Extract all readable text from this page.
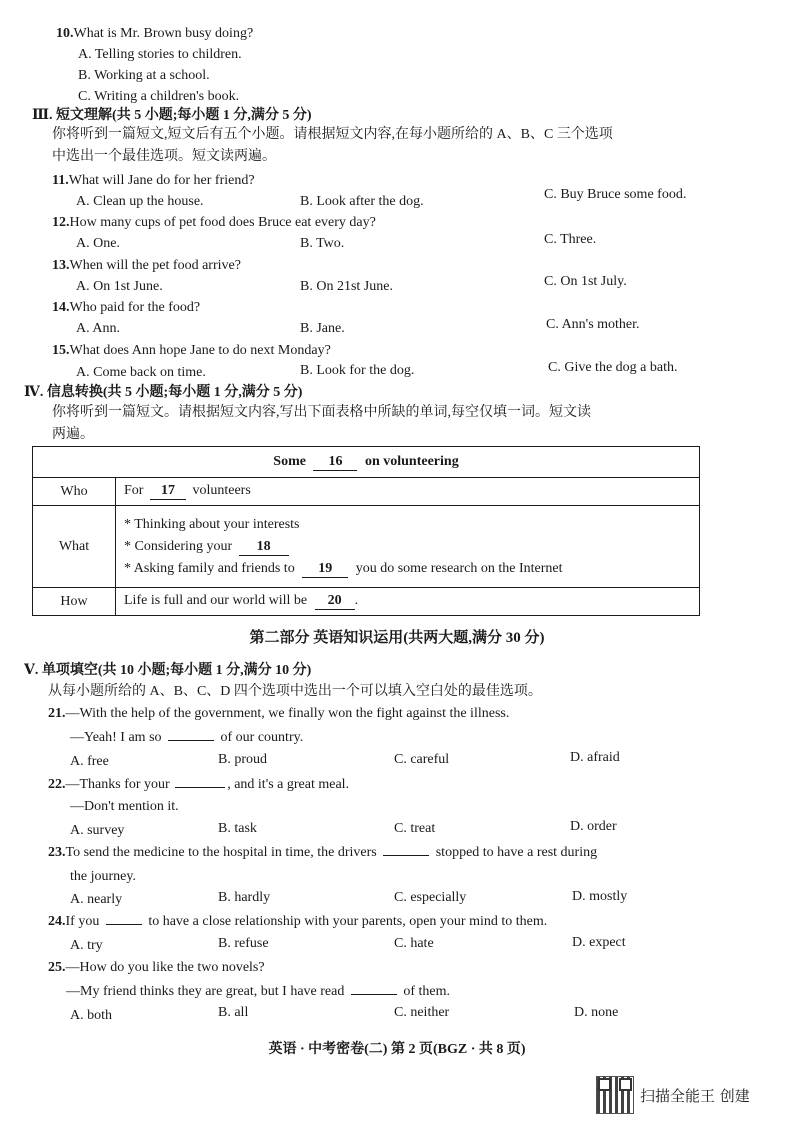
10.What is Mr. Brown busy doing?
A. Telling stories to children.
B. Working at a school.
C. Writing a children's book.
Ⅲ. 短文理解(共 5 小题;每小题 1 分,满分 5 分)
你将听到一篇短文,短文后有五个小题。请根据短文内容,在每小题所给的 A、B、C 三个选项
中选出一个最佳选项。短文读两遍。
11.What will Jane do for her friend?
A. Clean up the house.	B. Look after the dog.	C. Buy Bruce some food.
12.How many cups of pet food does Bruce eat every day?
A. One.	B. Two.	C. Three.
13.When will the pet food arrive?
A. On 1st June.	B. On 21st June.	C. On 1st July.
14.Who paid for the food?
A. Ann.	B. Jane.	C. Ann's mother.
15.What does Ann hope Jane to do next Monday?
A. Come back on time.	B. Look for the dog.	C. Give the dog a bath.
Ⅳ. 信息转换(共 5 小题;每小题 1 分,满分 5 分)
你将听到一篇短文。请根据短文内容,写出下面表格中所缺的单词,每空仅填一词。短文读
两遍。
Some 16 on volunteering	
Who	For 17 volunteers
What	* Thinking about your interests
* Considering your 18
* Asking family and friends to 19 you do some research on the Internet

How	Life is full and our world will be 20 .
第二部分 英语知识运用(共两大题,满分 30 分)
Ⅴ. 单项填空(共 10 小题;每小题 1 分,满分 10 分)
从每小题所给的 A、B、C、D 四个选项中选出一个可以填入空白处的最佳选项。
21.—With the help of the government, we finally won the fight against the illness.
—Yeah! I am so	of our country.
A. free	B. proud	C. careful	D. afraid
22.—Thanks for your	, and it's a great meal.
—Don't mention it.
A. survey	B. task	C. treat	D. order
23.To send the medicine to the hospital in time, the drivers	stopped to have a rest during
the journey.
A. nearly	B. hardly	C. especially	D. mostly
24.If you	to have a close relationship with your parents, open your mind to them.
A. try	B. refuse	C. hate	D. expect
25.—How do you like the two novels?
—My friend thinks they are great, but I have read	of them.
A. both	B. all	C. neither	D. none
英语 · 中考密卷(二) 第 2 页(BGZ · 共 8 页)
扫描全能王 创建
